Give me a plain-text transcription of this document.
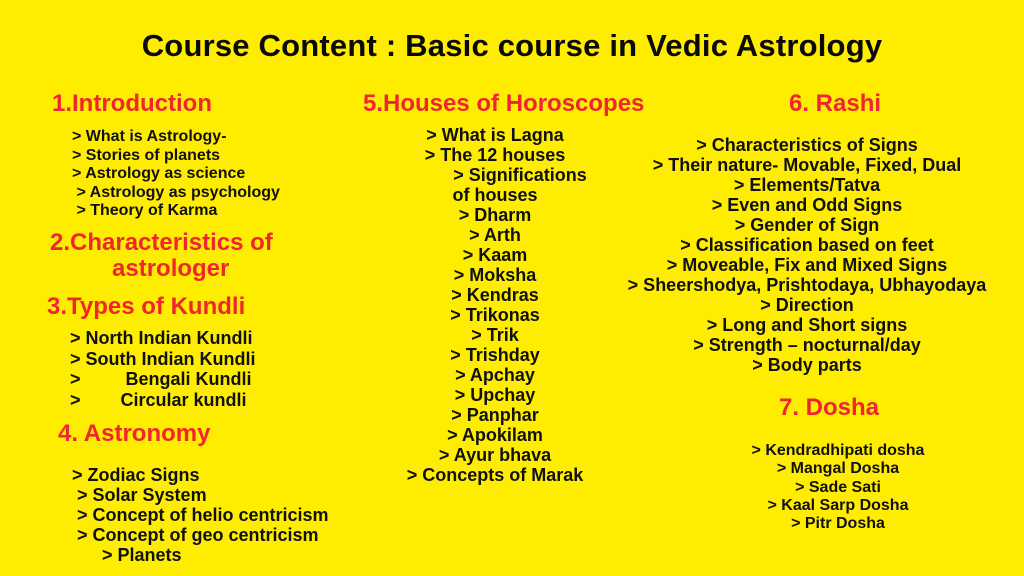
Course Content : Basic course in Vedic Astrology
1.Introduction
> What is Astrology-
> Stories of planets
> Astrology as science
> Astrology as psychology
> Theory of Karma
2.Characteristics of
astrologer
3.Types of Kundli
> North Indian Kundli
> South Indian Kundli
>         Bengali Kundli
>        Circular kundli
4. Astronomy
> Zodiac Signs
> Solar System
> Concept of helio centricism
> Concept of geo centricism
> Planets
5.Houses of Horoscopes
> What is Lagna
> The 12 houses
> Significations
of houses
> Dharm
> Arth
> Kaam
> Moksha
> Kendras
> Trikonas
> Trik
> Trishday
> Apchay
> Upchay
> Panphar
> Apokilam
> Ayur bhava
> Concepts of Marak
6. Rashi
> Characteristics of Signs
> Their nature- Movable, Fixed, Dual
> Elements/Tatva
> Even and Odd Signs
> Gender of Sign
> Classification based on feet
> Moveable, Fix and Mixed Signs
> Sheershodya, Prishtodaya, Ubhayodaya
> Direction
> Long and Short signs
> Strength – nocturnal/day
> Body parts
7. Dosha
> Kendradhipati dosha
> Mangal Dosha
> Sade Sati
> Kaal Sarp Dosha
> Pitr Dosha
